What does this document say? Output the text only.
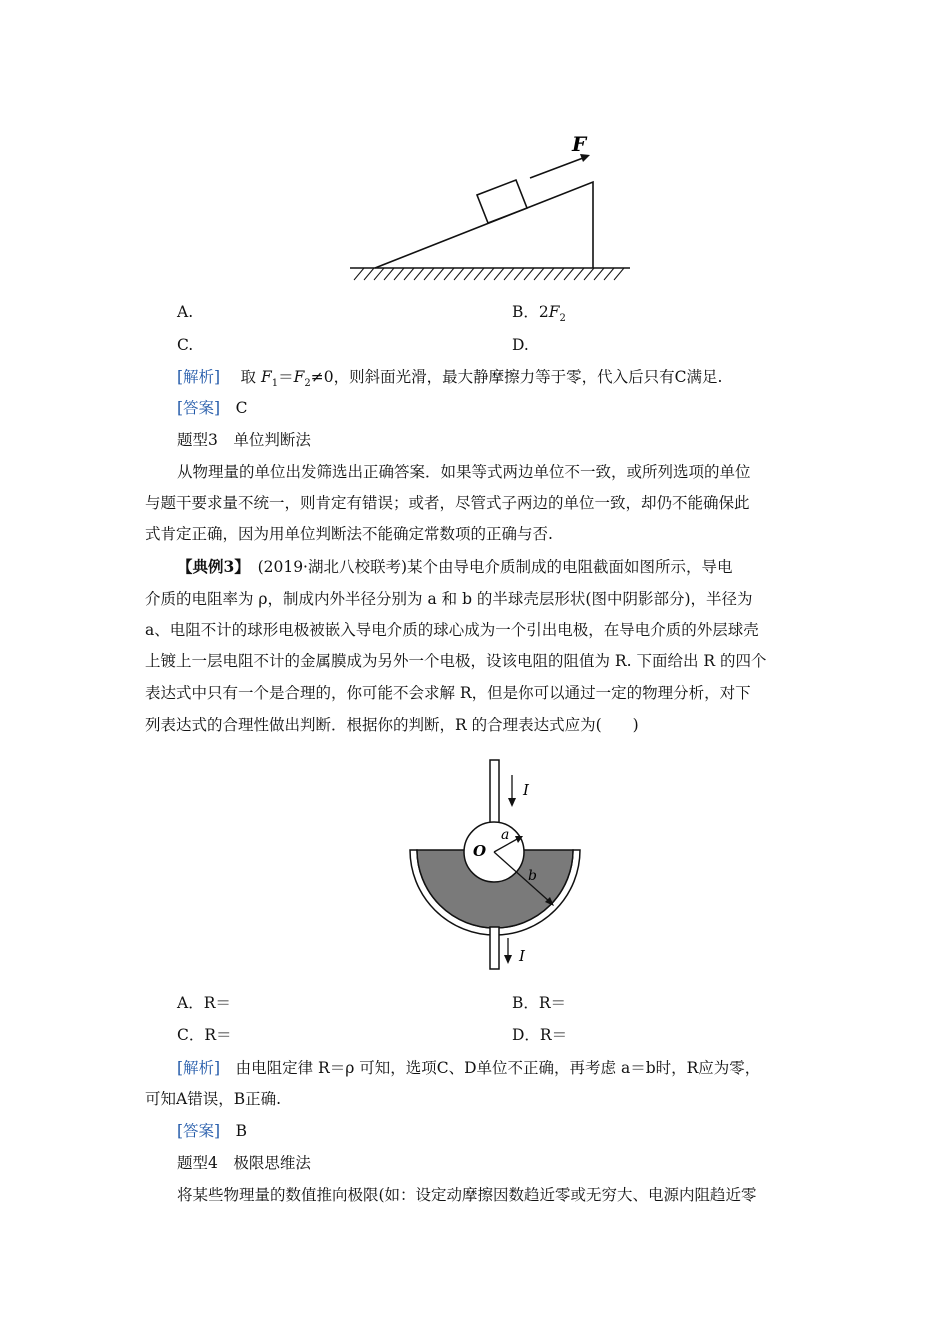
F
A.	B．$2F_2$
C.	D.
[解析]　 取 $F_1=F_2\ne 0$，则斜面光滑，最大静摩擦力等于零，代入后只有C满足.
[答案]　 C
题型3　单位判断法
从物理量的单位出发筛选出正确答案．如果等式两边单位不一致，或所列选项的单位
与题干要求量不统一，则肯定有错误；或者，尽管式子两边的单位一致，却仍不能确保此
式肯定正确，因为用单位判断法不能确定常数项的正确与否.
【典例3】　 (2019·湖北八校联考)某个由导电介质制成的电阻截面如图所示，导电
介质的电阻率为 ρ，制成内外半径分别为 a 和 b 的半球壳层形状(图中阴影部分)，半径为
a、电阻不计的球形电极被嵌入导电介质的球心成为一个引出电极，在导电介质的外层球壳
上镀上一层电阻不计的金属膜成为另外一个电极，设该电阻的阻值为 R. 下面给出 R 的四个
表达式中只有一个是合理的，你可能不会求解 R，但是你可以通过一定的物理分析，对下
列表达式的合理性做出判断．根据你的判断，R 的合理表达式应为(　　)
I
I
O
a
b
A．R＝	B．R＝
C．R＝	D．R＝
[解析]　 由电阻定律 R＝ρ 可知，选项C、D单位不正确，再考虑 a＝b时，R应为零，
可知A错误，B正确.
[答案]　 B
题型4　极限思维法
将某些物理量的数值推向极限(如：设定动摩擦因数趋近零或无穷大、电源内阻趋近零
